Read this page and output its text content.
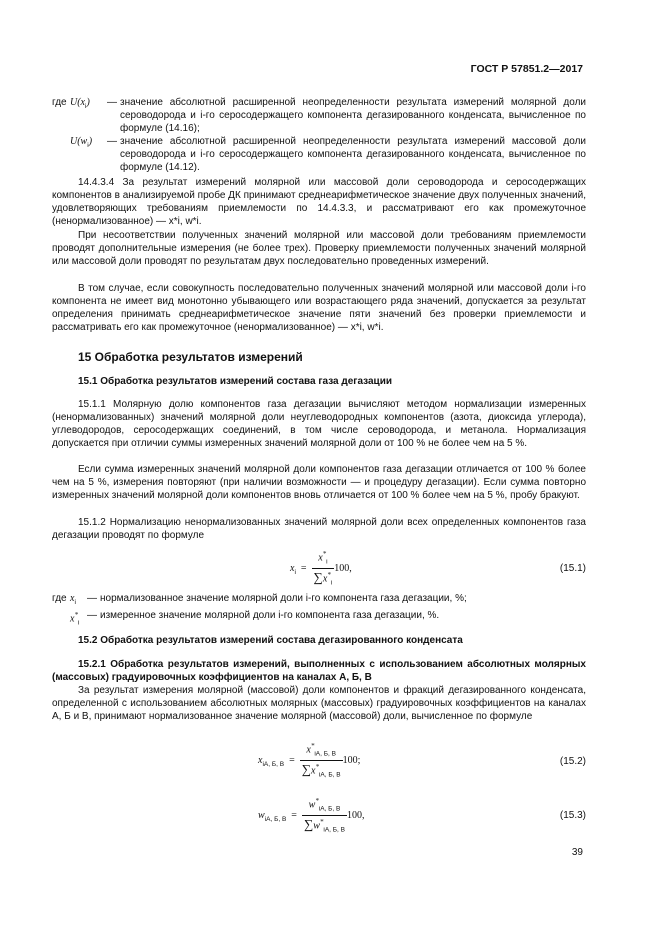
ГОСТ Р 57851.2—2017
где	$U(x_i)$	—	значение абсолютной расширенной неопределенности результата измерений молярной доли сероводорода и i-го серосодержащего компонента дегазированного конденсата, вычисленное по формуле (14.16);
	$U(w_i)$	—	значение абсолютной расширенной неопределенности результата измерений массовой доли сероводорода и i-го серосодержащего компонента дегазированного конденсата, вычисленное по формуле (14.12).
14.4.3.4 За результат измерений молярной или массовой доли сероводорода и серосодержащих компонентов в анализируемой пробе ДК принимают среднеарифметическое значение двух полученных значений, удовлетворяющих требованиям приемлемости по 14.4.3.3, и рассматривают его как промежуточное (ненормализованное) — x*i, w*i.
При несоответствии полученных значений молярной или массовой доли требованиям приемлемости проводят дополнительные измерения (не более трех). Проверку приемлемости полученных значений молярной или массовой доли проводят по результатам двух последовательно проведенных измерений.
В том случае, если совокупность последовательно полученных значений молярной или массовой доли i-го компонента не имеет вид монотонно убывающего или возрастающего ряда значений, допускается за результат определения принимать среднеарифметическое значение пяти значений без проверки приемлемости и рассматривать его как промежуточное (ненормализованное) — x*i, w*i.
15 Обработка результатов измерений
15.1 Обработка результатов измерений состава газа дегазации
15.1.1 Молярную долю компонентов газа дегазации вычисляют методом нормализации измеренных (ненормализованных) значений молярной доли неуглеводородных компонентов (азота, диоксида углерода), углеводородов, серосодержащих соединений, в том числе сероводорода, и метанола. Нормализация допускается при отличии суммы измеренных значений молярной доли от 100 % не более чем на 5 %.
Если сумма измеренных значений молярной доли компонентов газа дегазации отличается от 100 % более чем на 5 %, измерения повторяют (при наличии возможности — и процедуру дегазации). Если сумма повторно измеренных значений молярной доли компонентов вновь отличается от 100 % более чем на 5 %, пробу бракуют.
15.1.2 Нормализацию ненормализованных значений молярной доли всех определенных компонентов газа дегазации проводят по формуле
$x_i = \frac{x^*_i}{\sum x^*_i} 100$,	(15.1)
где	$x_i$	—	нормализованное значение молярной доли i-го компонента газа дегазации, %;
	$x^*_i$	—	измеренное значение молярной доли i-го компонента газа дегазации, %.
15.2 Обработка результатов измерений состава дегазированного конденсата
15.2.1 Обработка результатов измерений, выполненных с использованием абсолютных молярных (массовых) градуировочных коэффициентов на каналах А, Б, В
За результат измерения молярной (массовой) доли компонентов и фракций дегазированного конденсата, определенной с использованием абсолютных молярных (массовых) градуировочных коэффициентов на каналах А, Б и В, принимают нормализованное значение молярной (массовой) доли, вычисленное по формуле
$x_{iА, Б, В} = \frac{x^*_{iА, Б, В}}{\sum x^*_{iА, Б, В}} 100$;	(15.2)
$w_{iА, Б, В} = \frac{w^*_{iА, Б, В}}{\sum w^*_{iА, Б, В}} 100$,	(15.3)
39
